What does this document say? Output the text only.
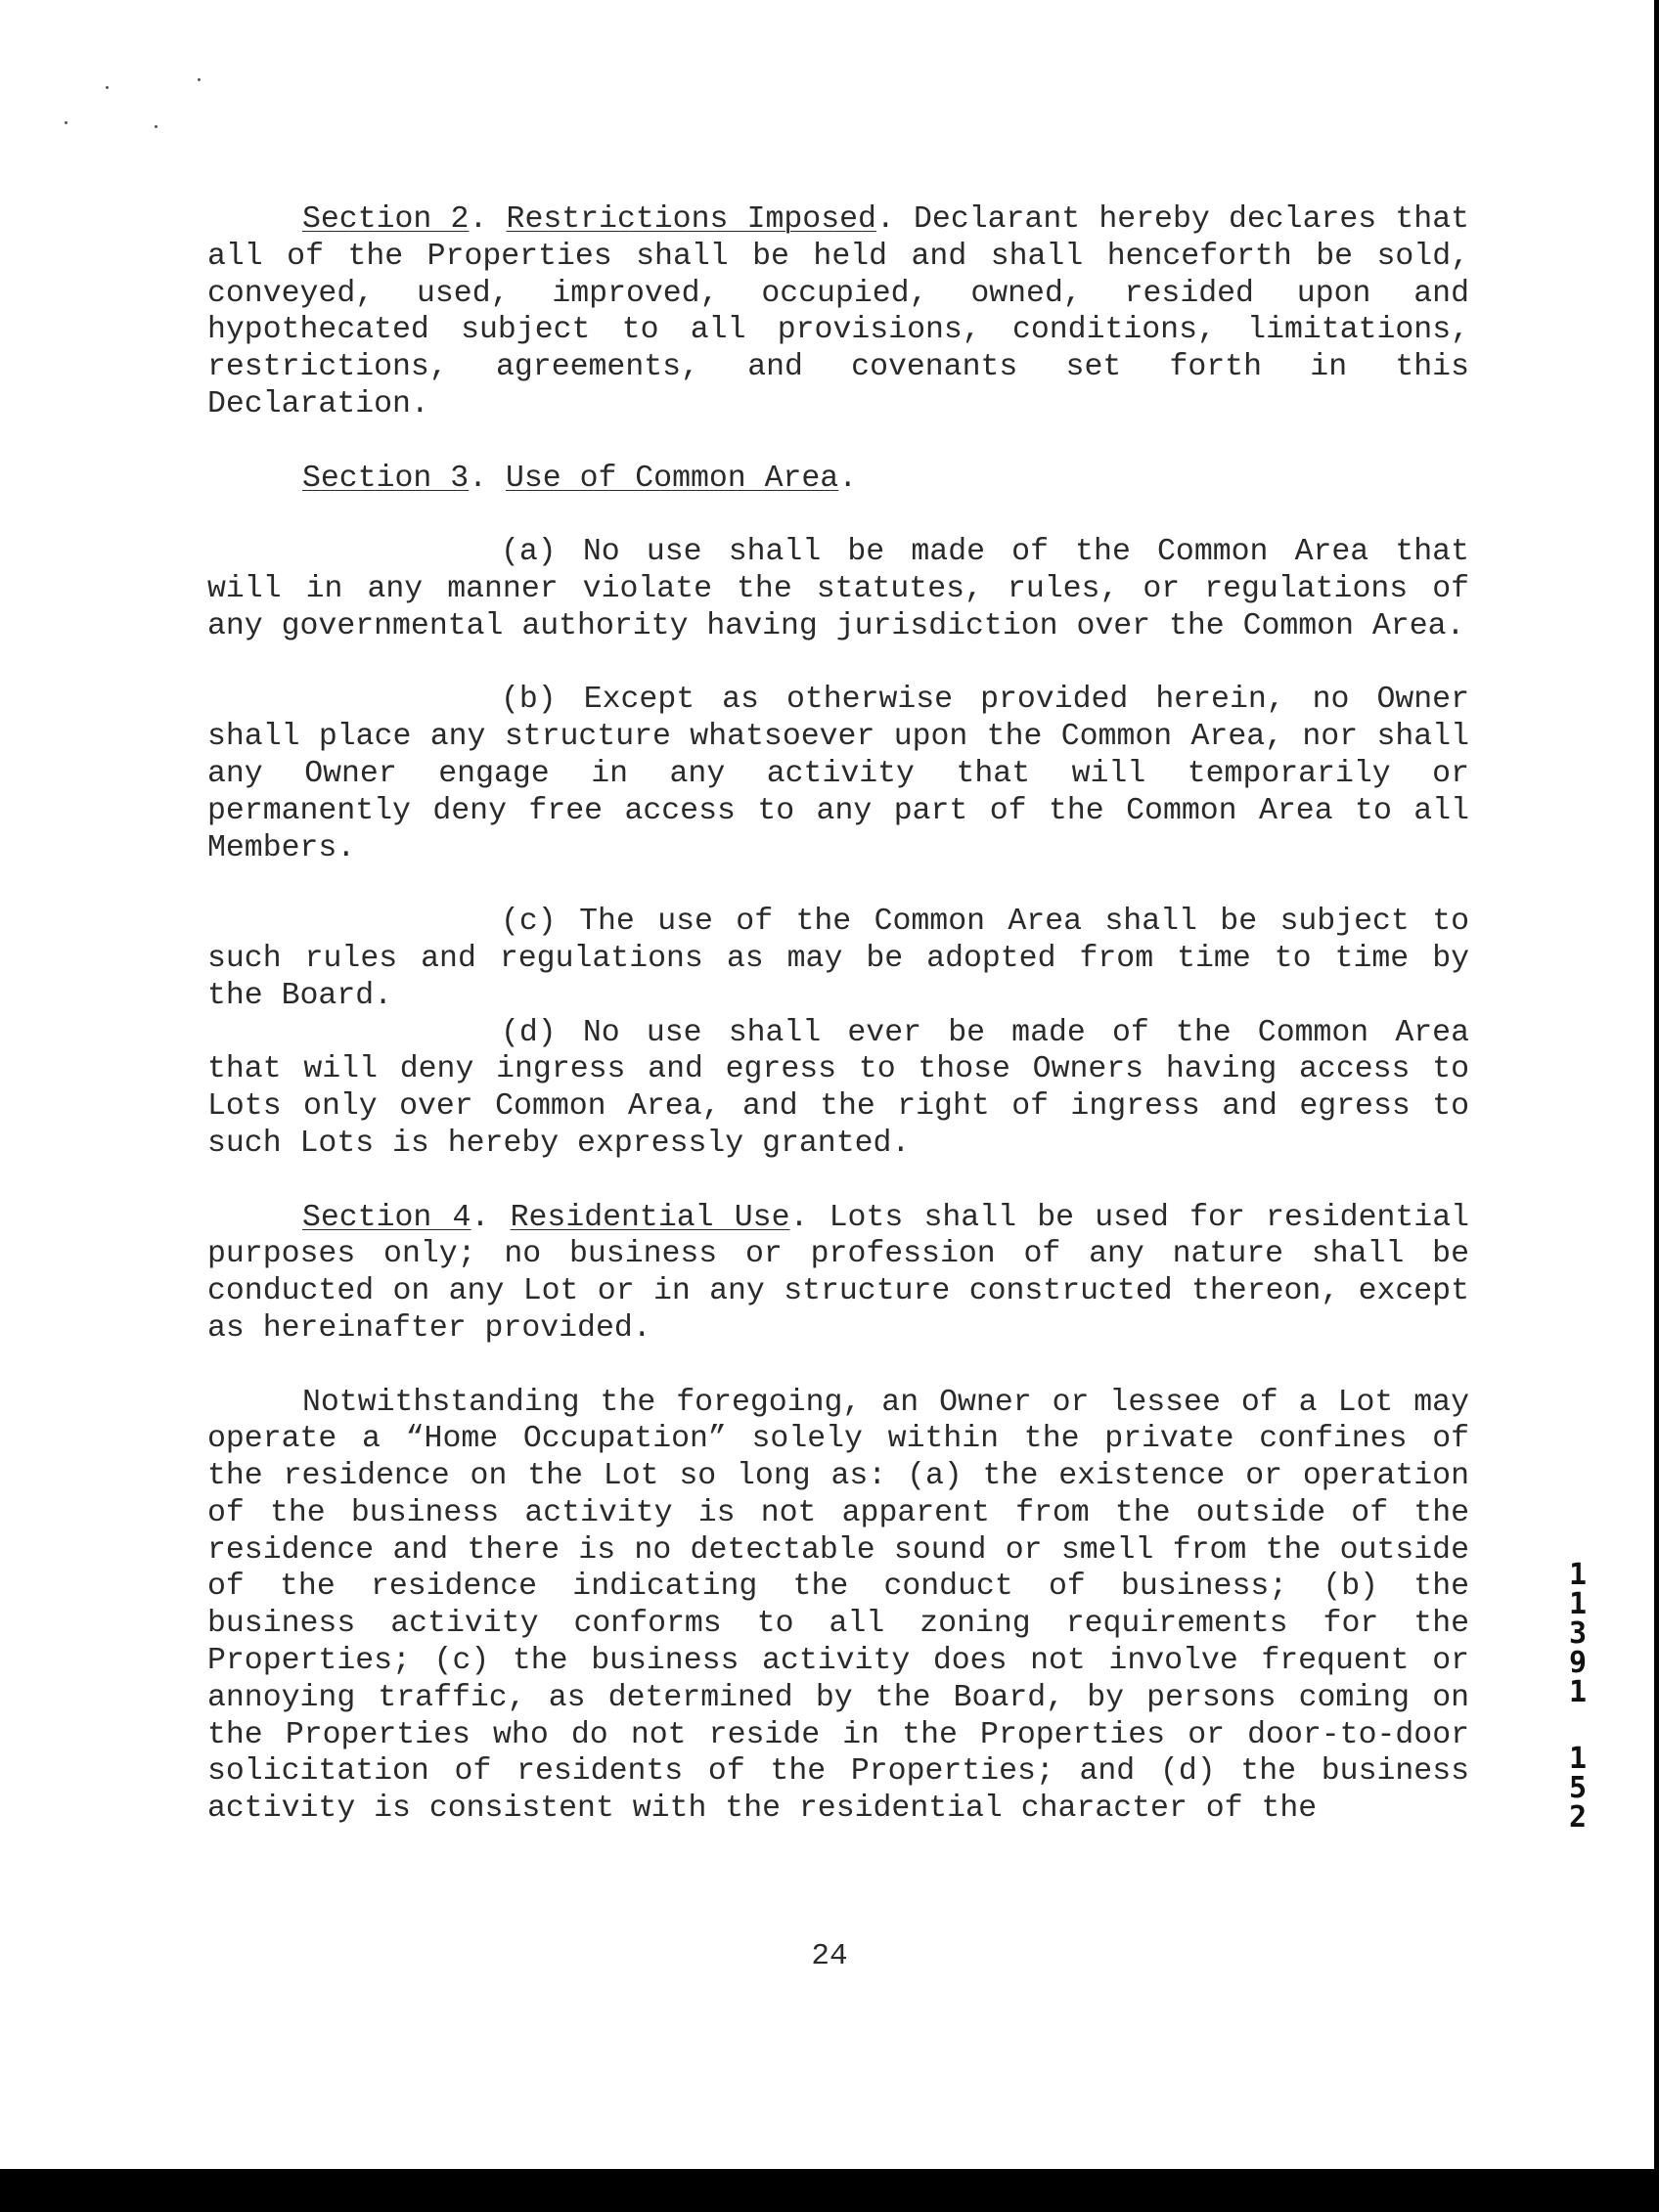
Section 2. Restrictions Imposed. Declarant hereby declares that all of the Properties shall be held and shall henceforth be sold, conveyed, used, improved, occupied, owned, resided upon and hypothecated subject to all provisions, conditions, limitations, restrictions, agreements, and covenants set forth in this Declaration.

Section 3. Use of Common Area.

(a) No use shall be made of the Common Area that will in any manner violate the statutes, rules, or regulations of any governmental authority having jurisdiction over the Common Area.

(b) Except as otherwise provided herein, no Owner shall place any structure whatsoever upon the Common Area, nor shall any Owner engage in any activity that will temporarily or permanently deny free access to any part of the Common Area to all Members.

(c) The use of the Common Area shall be subject to such rules and regulations as may be adopted from time to time by the Board.

(d) No use shall ever be made of the Common Area that will deny ingress and egress to those Owners having access to Lots only over Common Area, and the right of ingress and egress to such Lots is hereby expressly granted.

Section 4. Residential Use. Lots shall be used for residential purposes only; no business or profession of any nature shall be conducted on any Lot or in any structure constructed thereon, except as hereinafter provided.

Notwithstanding the foregoing, an Owner or lessee of a Lot may operate a “Home Occupation” solely within the private confines of the residence on the Lot so long as: (a) the existence or operation of the business activity is not apparent from the outside of the residence and there is no detectable sound or smell from the outside of the residence indicating the conduct of business; (b) the business activity conforms to all zoning requirements for the Properties; (c) the business activity does not involve frequent or annoying traffic, as determined by the Board, by persons coming on the Properties who do not reside in the Properties or door-to-door solicitation of residents of the Properties; and (d) the business activity is consistent with the residential character of the

24
1
1
3
9
1
1
5
2
